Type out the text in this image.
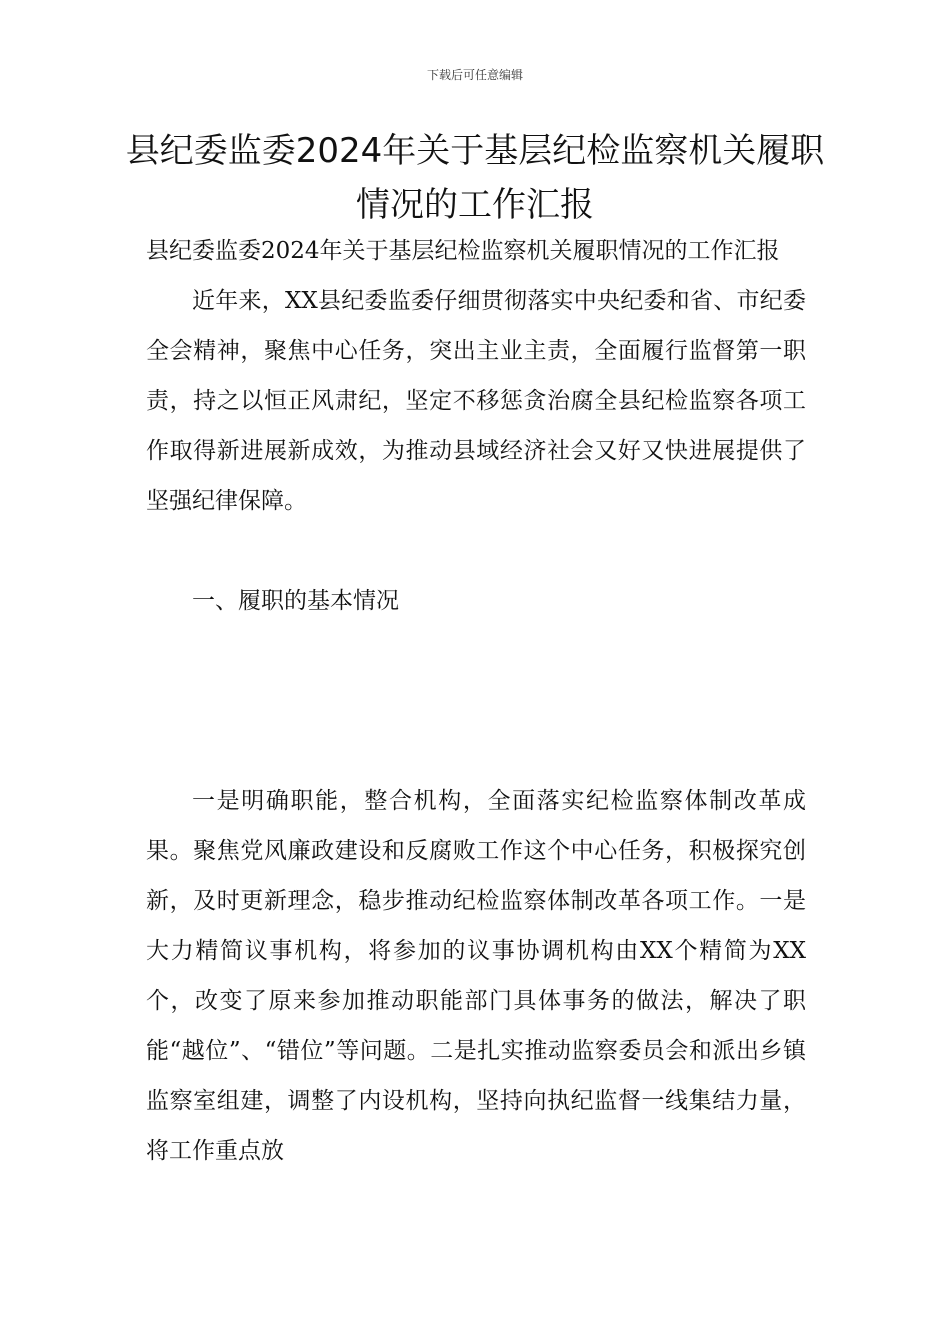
下载后可任意编辑
县纪委监委2024年关于基层纪检监察机关履职情况的工作汇报

县纪委监委2024年关于基层纪检监察机关履职情况的工作汇报

近年来，XX县纪委监委仔细贯彻落实中央纪委和省、市纪委全会精神，聚焦中心任务，突出主业主责，全面履行监督第一职责，持之以恒正风肃纪，坚定不移惩贪治腐全县纪检监察各项工作取得新进展新成效，为推动县域经济社会又好又快进展提供了坚强纪律保障。

一、履职的基本情况

一是明确职能，整合机构，全面落实纪检监察体制改革成果。聚焦党风廉政建设和反腐败工作这个中心任务，积极探究创新，及时更新理念，稳步推动纪检监察体制改革各项工作。一是大力精简议事机构，将参加的议事协调机构由XX个精简为XX个，改变了原来参加推动职能部门具体事务的做法，解决了职能“越位”、“错位”等问题。二是扎实推动监察委员会和派出乡镇监察室组建，调整了内设机构，坚持向执纪监督一线集结力量，将工作重点放
